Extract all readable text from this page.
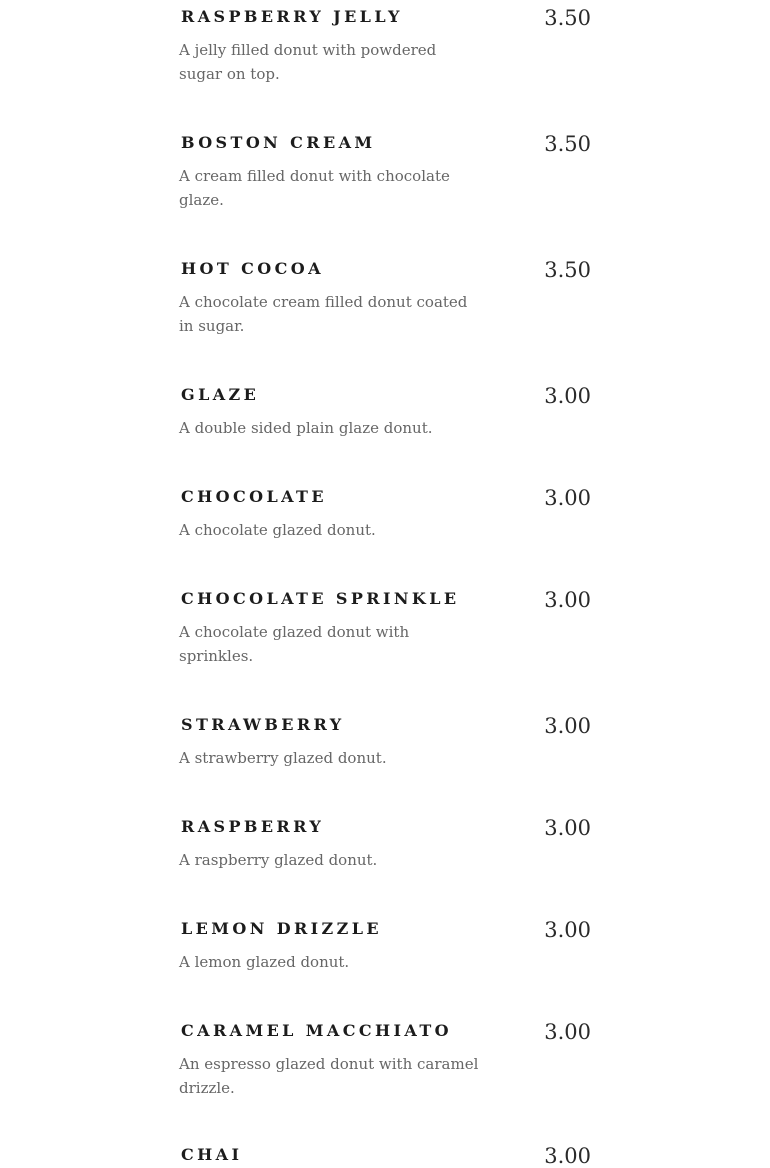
RASPBERRY JELLY	3.50

A jelly filled donut with powdered sugar on top.

BOSTON CREAM	3.50

A cream filled donut with chocolate glaze.

HOT COCOA	3.50

A chocolate cream filled donut coated in sugar.

GLAZE	3.00

A double sided plain glaze donut.

CHOCOLATE	3.00

A chocolate glazed donut.

CHOCOLATE SPRINKLE	3.00

A chocolate glazed donut with sprinkles.

STRAWBERRY	3.00

A strawberry glazed donut.

RASPBERRY	3.00

A raspberry glazed donut.

LEMON DRIZZLE	3.00

A lemon glazed donut.

CARAMEL MACCHIATO	3.00

An espresso glazed donut with caramel drizzle.

CHAI	3.00
